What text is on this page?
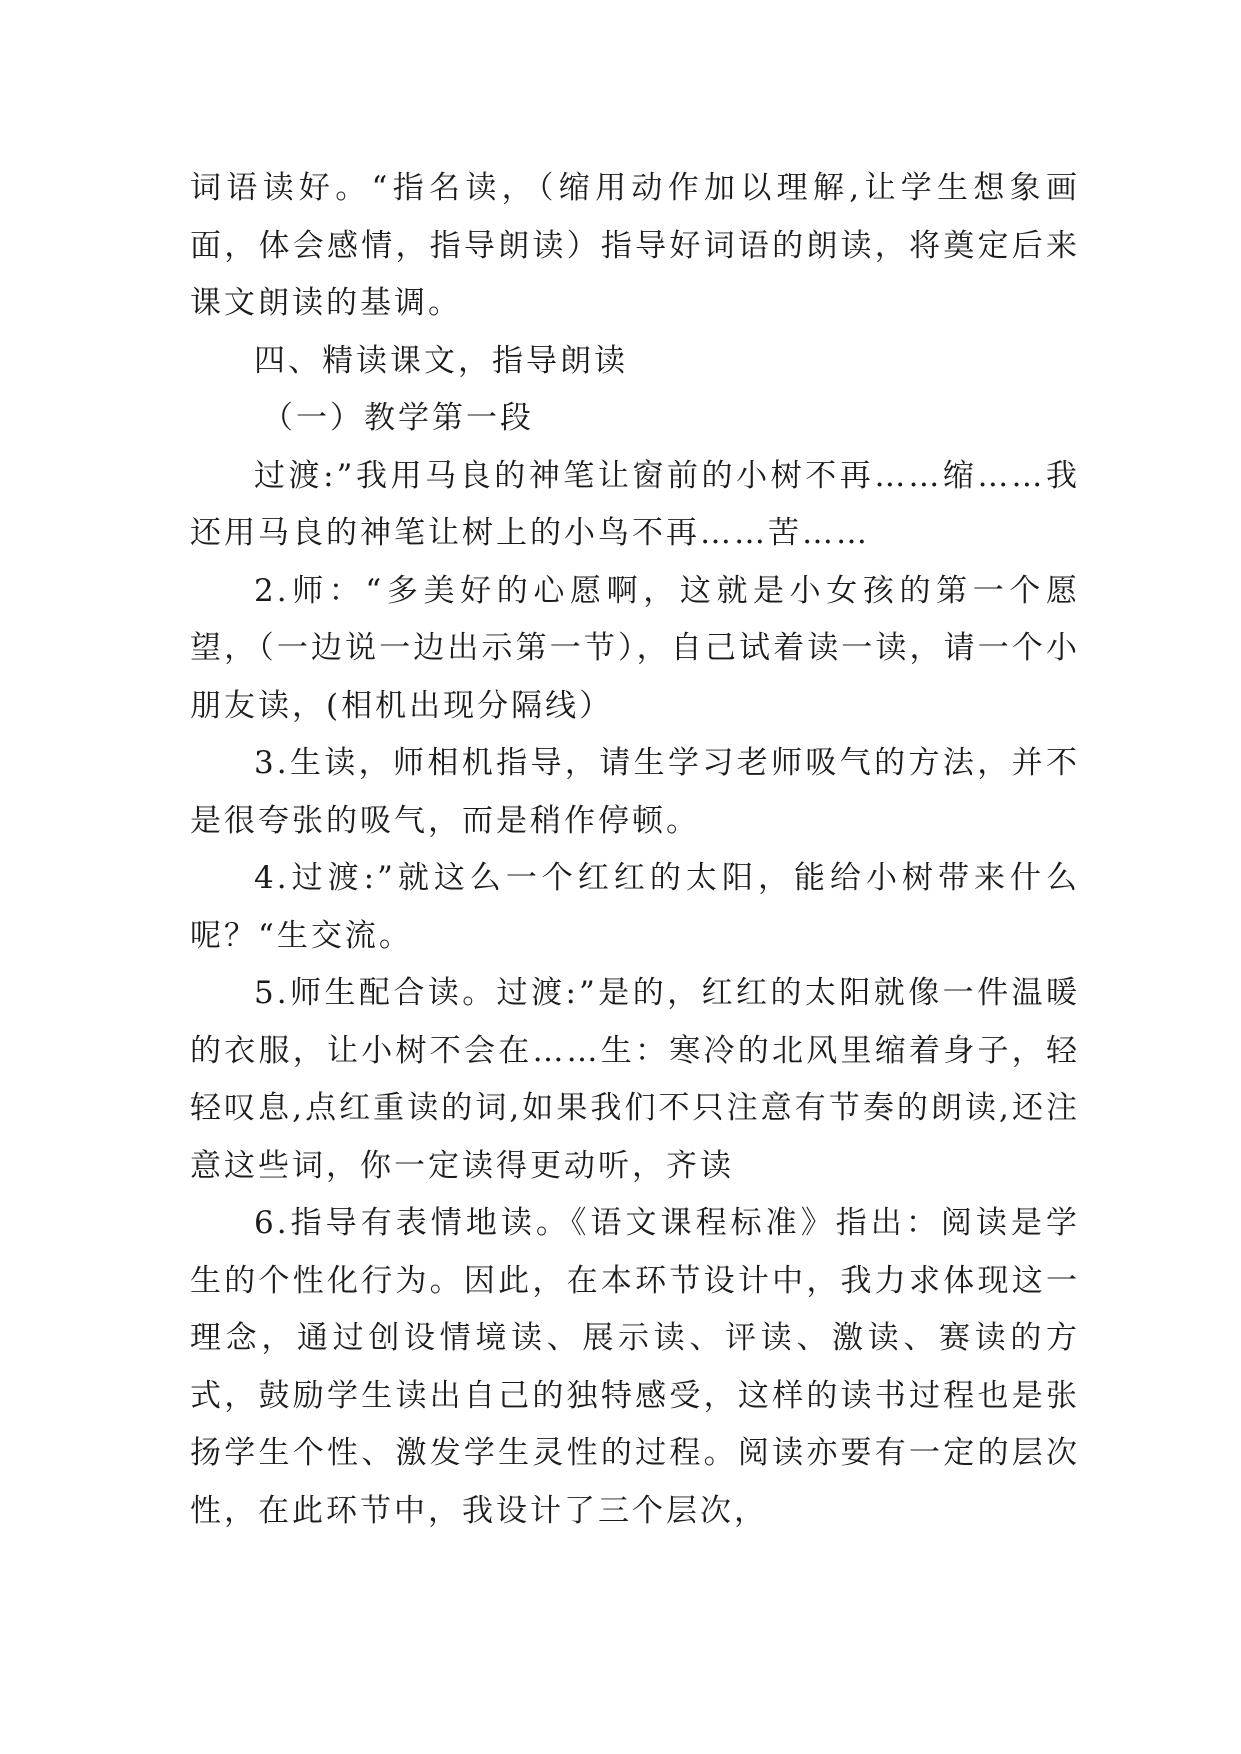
词语读好。“指名读，（缩用动作加以理解,让学生想象画面，体会感情，指导朗读）指导好词语的朗读，将奠定后来课文朗读的基调。

四、精读课文，指导朗读

（一）教学第一段

过渡:”我用马良的神笔让窗前的小树不再……缩……我还用马良的神笔让树上的小鸟不再……苦……

2.师：“多美好的心愿啊，这就是小女孩的第一个愿望，（一边说一边出示第一节），自己试着读一读，请一个小朋友读，(相机出现分隔线）

3.生读，师相机指导，请生学习老师吸气的方法，并不是很夸张的吸气，而是稍作停顿。

4.过渡:”就这么一个红红的太阳，能给小树带来什么呢？“生交流。

5.师生配合读。过渡:”是的，红红的太阳就像一件温暖的衣服，让小树不会在……生：寒冷的北风里缩着身子，轻轻叹息,点红重读的词,如果我们不只注意有节奏的朗读,还注意这些词，你一定读得更动听，齐读

6.指导有表情地读。《语文课程标准》指出：阅读是学生的个性化行为。因此，在本环节设计中，我力求体现这一理念，通过创设情境读、展示读、评读、激读、赛读的方式，鼓励学生读出自己的独特感受，这样的读书过程也是张扬学生个性、激发学生灵性的过程。阅读亦要有一定的层次性，在此环节中，我设计了三个层次，
